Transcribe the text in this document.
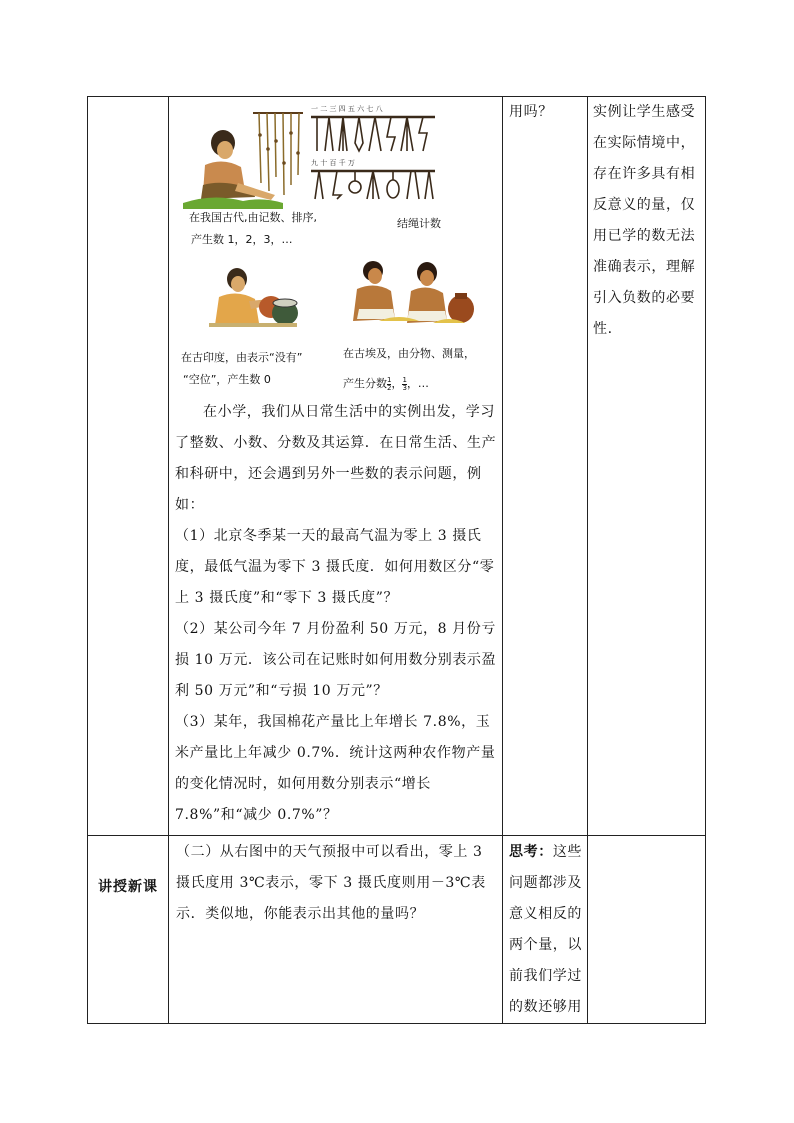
一 二 三 四 五 六 七 八
九 十 百 千 万
在我国古代,由记数、排序,
产生数 1，2，3，…
结绳计数
在古印度，由表示“没有”
“空位”，产生数 0
在古埃及，由分物、测量，
产生分数 $\frac{1}{2}$ ， $\frac{1}{3}$ ，…

在小学，我们从日常生活中的实例出发，学习了整数、小数、分数及其运算．在日常生活、生产和科研中，还会遇到另外一些数的表示问题，例如：

（1）北京冬季某一天的最高气温为零上 3 摄氏度，最低气温为零下 3 摄氏度．如何用数区分“零上 3 摄氏度”和“零下 3 摄氏度”？

（2）某公司今年 7 月份盈利 50 万元，8 月份亏损 10 万元．该公司在记账时如何用数分别表示盈利 50 万元”和“亏损 10 万元”？

（3）某年，我国棉花产量比上年增长 7.8%，玉米产量比上年减少 0.7%．统计这两种农作物产量的变化情况时，如何用数分别表示“增长 7.8%”和“减少 0.7%”？

用吗？	实例让学生感受在实际情境中，存在许多具有相反意义的量，仅用已学的数无法准确表示，理解引入负数的必要性.
讲授新课
（二）从右图中的天气预报中可以看出，零上 3 摄氏度用 3℃表示，零下 3 摄氏度则用－3℃表示．类似地，你能表示出其他的量吗？
思考：这些问题都涉及意义相反的两个量，以前我们学过的数还够用
